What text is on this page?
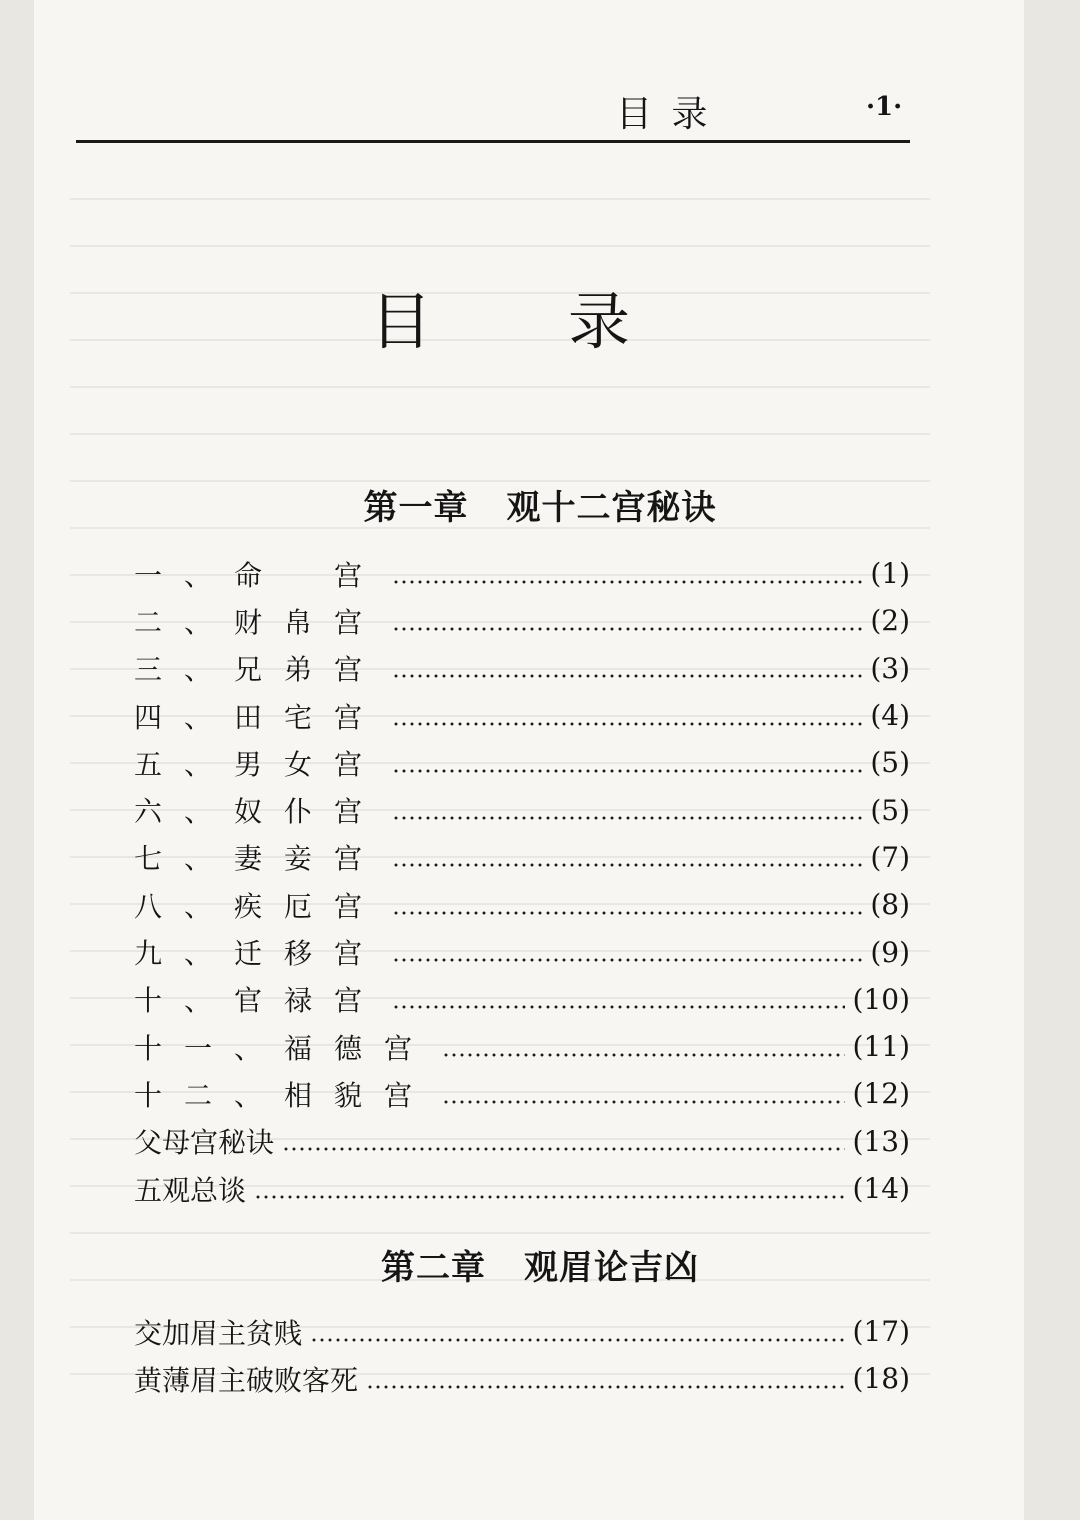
目 录	·1·
目 录
第一章 观十二宫秘诀
一、命　宫	(1)
二、财帛宫	(2)
三、兄弟宫	(3)
四、田宅宫	(4)
五、男女宫	(5)
六、奴仆宫	(5)
七、妻妾宫	(7)
八、疾厄宫	(8)
九、迁移宫	(9)
十、官禄宫	(10)
十一、福德宫	(11)
十二、相貌宫	(12)
父母宫秘诀	(13)
五观总谈	(14)
第二章 观眉论吉凶
交加眉主贫贱	(17)
黄薄眉主破败客死	(18)
